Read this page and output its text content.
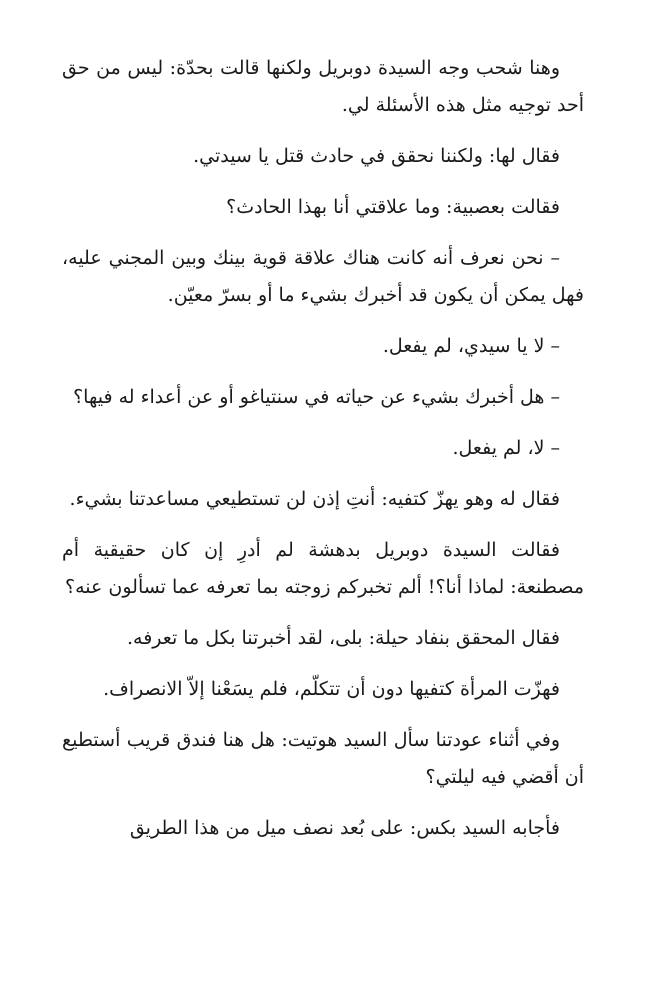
وهنا شحب وجه السيدة دوبريل ولكنها قالت بحدّة: ليس من حق أحد توجيه مثل هذه الأسئلة لي.

فقال لها: ولكننا نحقق في حادث قتل يا سيدتي.

فقالت بعصبية: وما علاقتي أنا بهذا الحادث؟

– نحن نعرف أنه كانت هناك علاقة قوية بينك وبين المجني عليه، فهل يمكن أن يكون قد أخبرك بشيء ما أو بسرّ معيّن.

– لا يا سيدي، لم يفعل.

– هل أخبرك بشيء عن حياته في سنتياغو أو عن أعداء له فيها؟

– لا، لم يفعل.

فقال له وهو يهزّ كتفيه: أنتِ إذن لن تستطيعي مساعدتنا بشيء.

فقالت السيدة دوبريل بدهشة لم أدرِ إن كان حقيقية أم مصطنعة: لماذا أنا؟! ألم تخبركم زوجته بما تعرفه عما تسألون عنه؟

فقال المحقق بنفاد حيلة: بلى، لقد أخبرتنا بكل ما تعرفه.

فهزّت المرأة كتفيها دون أن تتكلّم، فلم يسَعْنا إلاّ الانصراف.

وفي أثناء عودتنا سأل السيد هوتيت: هل هنا فندق قريب أستطيع أن أقضي فيه ليلتي؟

فأجابه السيد بكس: على بُعد نصف ميل من هذا الطريق
